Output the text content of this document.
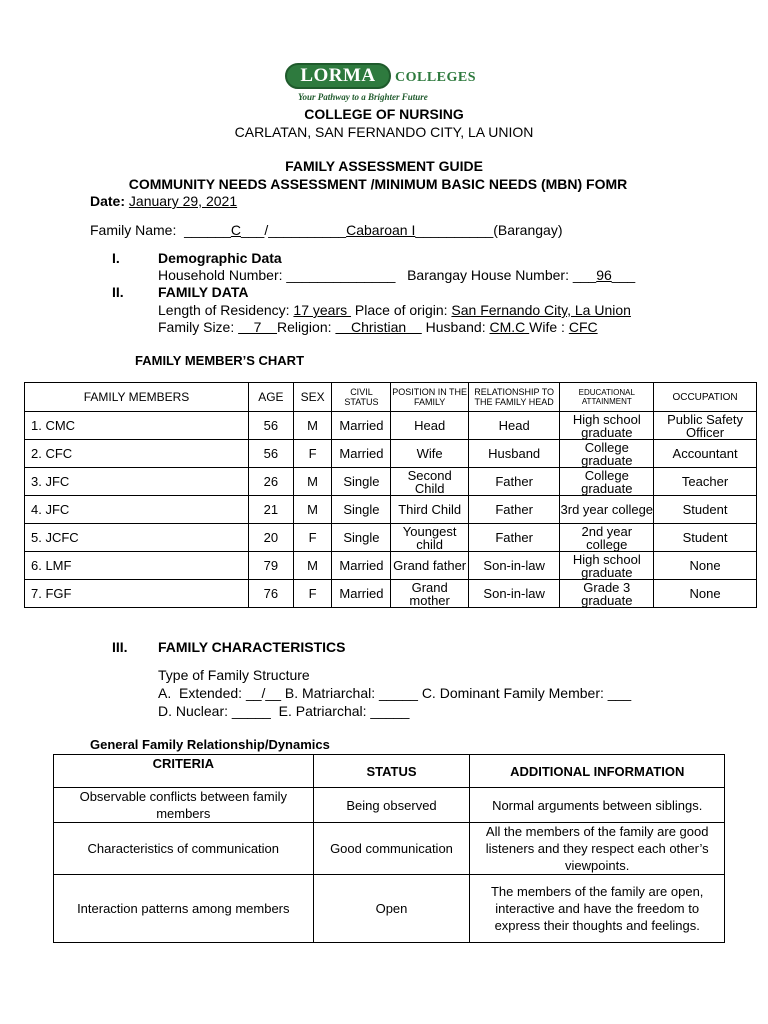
LORMA COLLEGES
Your Pathway to a Brighter Future
COLLEGE OF NURSING
CARLATAN, SAN FERNANDO CITY, LA UNION
FAMILY ASSESSMENT GUIDE
COMMUNITY NEEDS ASSESSMENT /MINIMUM BASIC NEEDS (MBN) FOMR
Date: January 29, 2021
Family Name: ______C___/__________Cabaroan I__________(Barangay)
I.	Demographic Data
Household Number: ______________ Barangay House Number: ___96___
II. FAMILY DATA
Length of Residency: 17 years  Place of origin: San Fernando City, La Union
Family Size:     7    Religion:     Christian     Husband: CM.C Wife : CFC
FAMILY MEMBER’S CHART
FAMILY MEMBERS	AGE	SEX	CIVIL STATUS	POSITION IN THE FAMILY	RELATIONSHIP TO THE FAMILY HEAD	EDUCATIONAL ATTAINMENT	OCCUPATION
1. CMC	56	M	Married	Head	Head	High school graduate	Public Safety Officer
2. CFC	56	F	Married	Wife	Husband	College graduate	Accountant
3. JFC	26	M	Single	Second Child	Father	College graduate	Teacher
4. JFC	21	M	Single	Third Child	Father	3rd year college	Student
5. JCFC	20	F	Single	Youngest child	Father	2nd year college	Student
6. LMF	79	M	Married	Grand father	Son-in-law	High school graduate	None
7. FGF	76	F	Married	Grand mother	Son-in-law	Grade 3 graduate	None
III. FAMILY CHARACTERISTICS
Type of Family Structure
A.  Extended: __/__ B. Matriarchal: _____ C. Dominant Family Member: ___
D. Nuclear: _____  E. Patriarchal: _____
General Family Relationship/Dynamics
CRITERIA	STATUS	ADDITIONAL INFORMATION
Observable conflicts between family members	Being observed	Normal arguments between siblings.
Characteristics of communication	Good communication	All the members of the family are good listeners and they respect each other’s viewpoints.
Interaction patterns among members	Open	The members of the family are open, interactive and have the freedom to express their thoughts and feelings.
